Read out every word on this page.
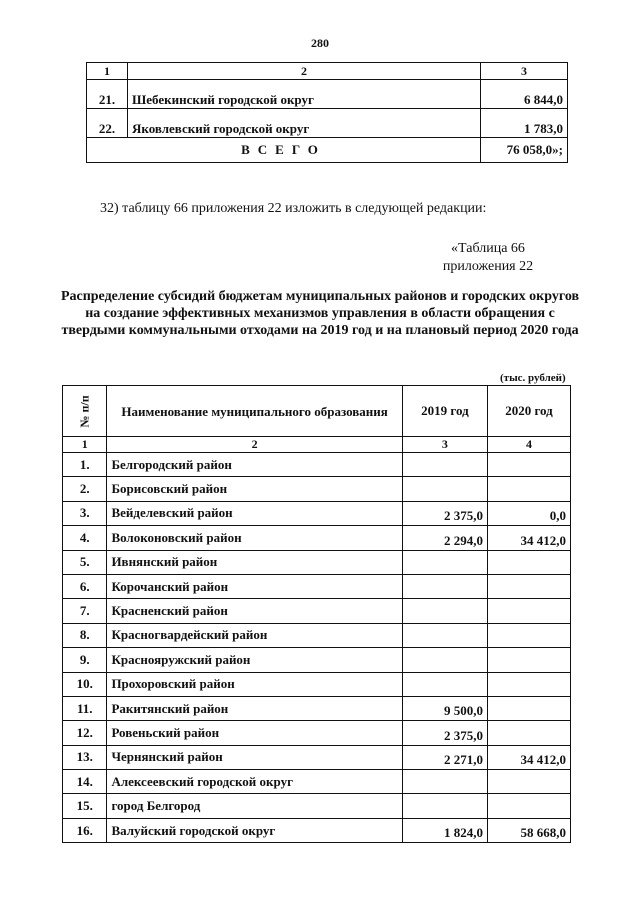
280
1	2	3
21.	Шебекинский городской округ	6 844,0
22.	Яковлевский городской округ	1 783,0
ВСЕГО		76 058,0»;
32) таблицу 66 приложения 22 изложить в следующей редакции:
«Таблица 66
приложения 22
Распределение субсидий бюджетам муниципальных районов и городских округов на создание эффективных механизмов управления в области обращения с твердыми коммунальными отходами на 2019 год и на плановый период 2020 года
(тыс. рублей)
№ п/п	Наименование муниципального образования	2019 год	2020 год
1	2	3	4
1.	Белгородский район		
2.	Борисовский район		
3.	Вейделевский район	2 375,0	0,0
4.	Волоконовский район	2 294,0	34 412,0
5.	Ивнянский район		
6.	Корочанский район		
7.	Красненский район		
8.	Красногвардейский район		
9.	Краснояружский район		
10.	Прохоровский район		
11.	Ракитянский район	9 500,0	
12.	Ровеньский район	2 375,0	
13.	Чернянский район	2 271,0	34 412,0
14.	Алексеевский городской округ		
15.	город Белгород		
16.	Валуйский городской округ	1 824,0	58 668,0
